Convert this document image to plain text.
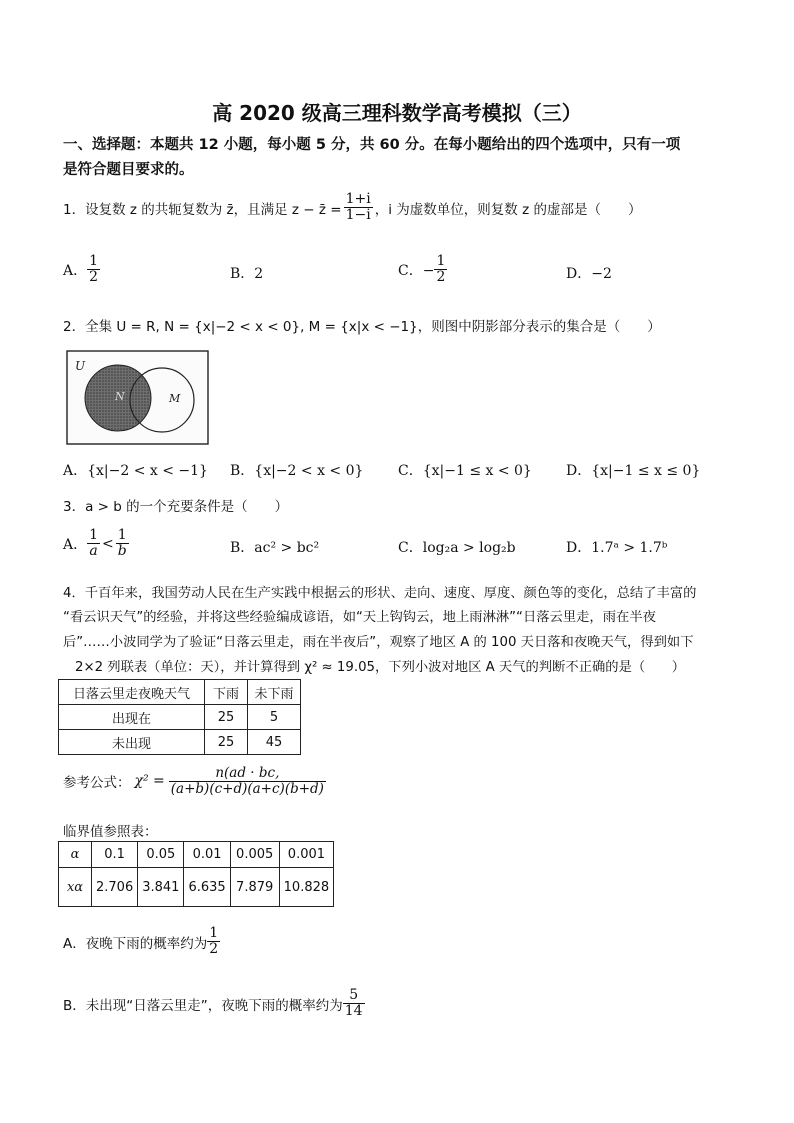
高 2020 级高三理科数学高考模拟（三）
一、选择题：本题共 12 小题，每小题 5 分，共 60 分。在每小题给出的四个选项中，只有一项
是符合题目要求的。
1．设复数 z 的共轭复数为 z̄，且满足 z − z̄ = $\frac{1+i}{1-i}$ ，i 为虚数单位，则复数 z 的虚部是（　　）
A． $\frac{1}{2}$	B．2	C．− $\frac{1}{2}$	D．−2
2．全集 U = R, N = {x|−2 < x < 0}, M = {x|x < −1}，则图中阴影部分表示的集合是（　　）
U
N	M
A．{x|−2 < x < −1} B．{x|−2 < x < 0} C．{x|−1 ≤ x < 0} D．{x|−1 ≤ x ≤ 0}
3．a > b 的一个充要条件是（　　）
A． $\frac{1}{a} < \frac{1}{b}$	B．ac² > bc²	C．log₂a > log₂b	D．1.7ᵃ > 1.7ᵇ
4．千百年来，我国劳动人民在生产实践中根据云的形状、走向、速度、厚度、颜色等的变化，总结了丰富的
“看云识天气”的经验，并将这些经验编成谚语，如“天上钩钩云，地上雨淋淋”“日落云里走，雨在半夜
后”……小波同学为了验证“日落云里走，雨在半夜后”，观察了地区 A 的 100 天日落和夜晚天气，得到如下
2×2 列联表（单位：天），并计算得到 χ² ≈ 19.05，下列小波对地区 A 天气的判断不正确的是（　　）
日落云里走夜晚天气	下雨	未下雨
出现在	25	5
未出现	25	45
参考公式： $\chi^2 = \frac{n(ad \cdot bc,}{(a+b)(c+d)(a+c)(b+d)}$
临界值参照表：
α	0.1	0.05	0.01	0.005	0.001
xα	2.706	3.841	6.635	7.879	10.828
A．夜晚下雨的概率约为 $\frac{1}{2}$
B．未出现“日落云里走”，夜晚下雨的概率约为 $\frac{5}{14}$
